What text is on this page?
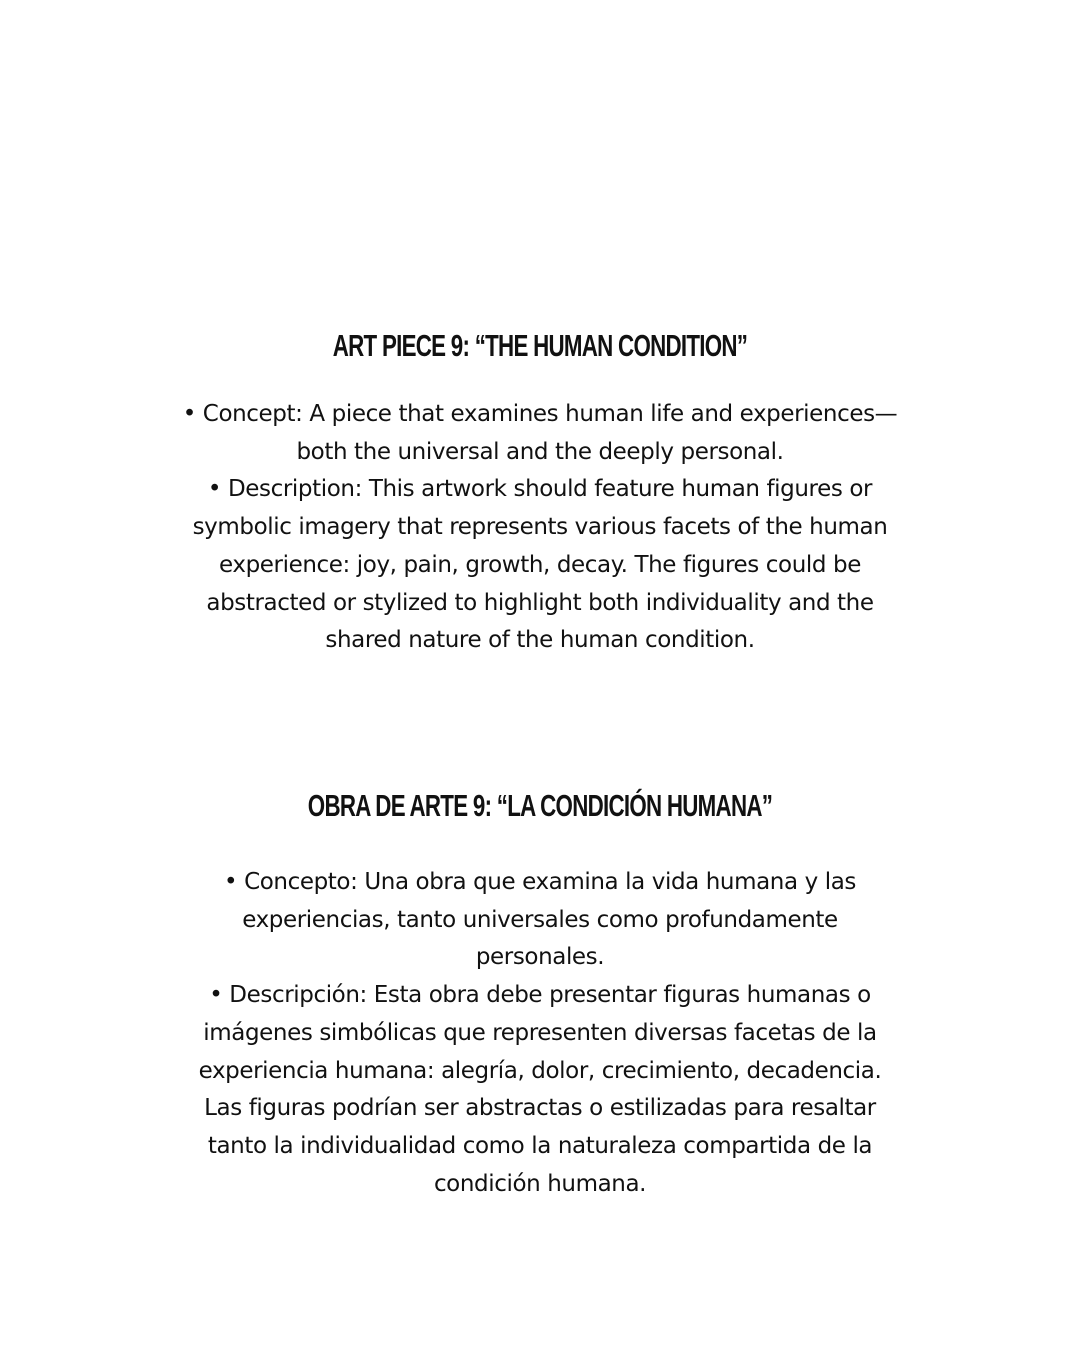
ART PIECE 9: “THE HUMAN CONDITION”

• Concept: A piece that examines human life and experiences—
both the universal and the deeply personal.

• Description: This artwork should feature human figures or
symbolic imagery that represents various facets of the human
experience: joy, pain, growth, decay. The figures could be
abstracted or stylized to highlight both individuality and the
shared nature of the human condition.

OBRA DE ARTE 9: “LA CONDICIÓN HUMANA”

• Concepto: Una obra que examina la vida humana y las
experiencias, tanto universales como profundamente
personales.

• Descripción: Esta obra debe presentar figuras humanas o
imágenes simbólicas que representen diversas facetas de la
experiencia humana: alegría, dolor, crecimiento, decadencia.
Las figuras podrían ser abstractas o estilizadas para resaltar
tanto la individualidad como la naturaleza compartida de la
condición humana.
